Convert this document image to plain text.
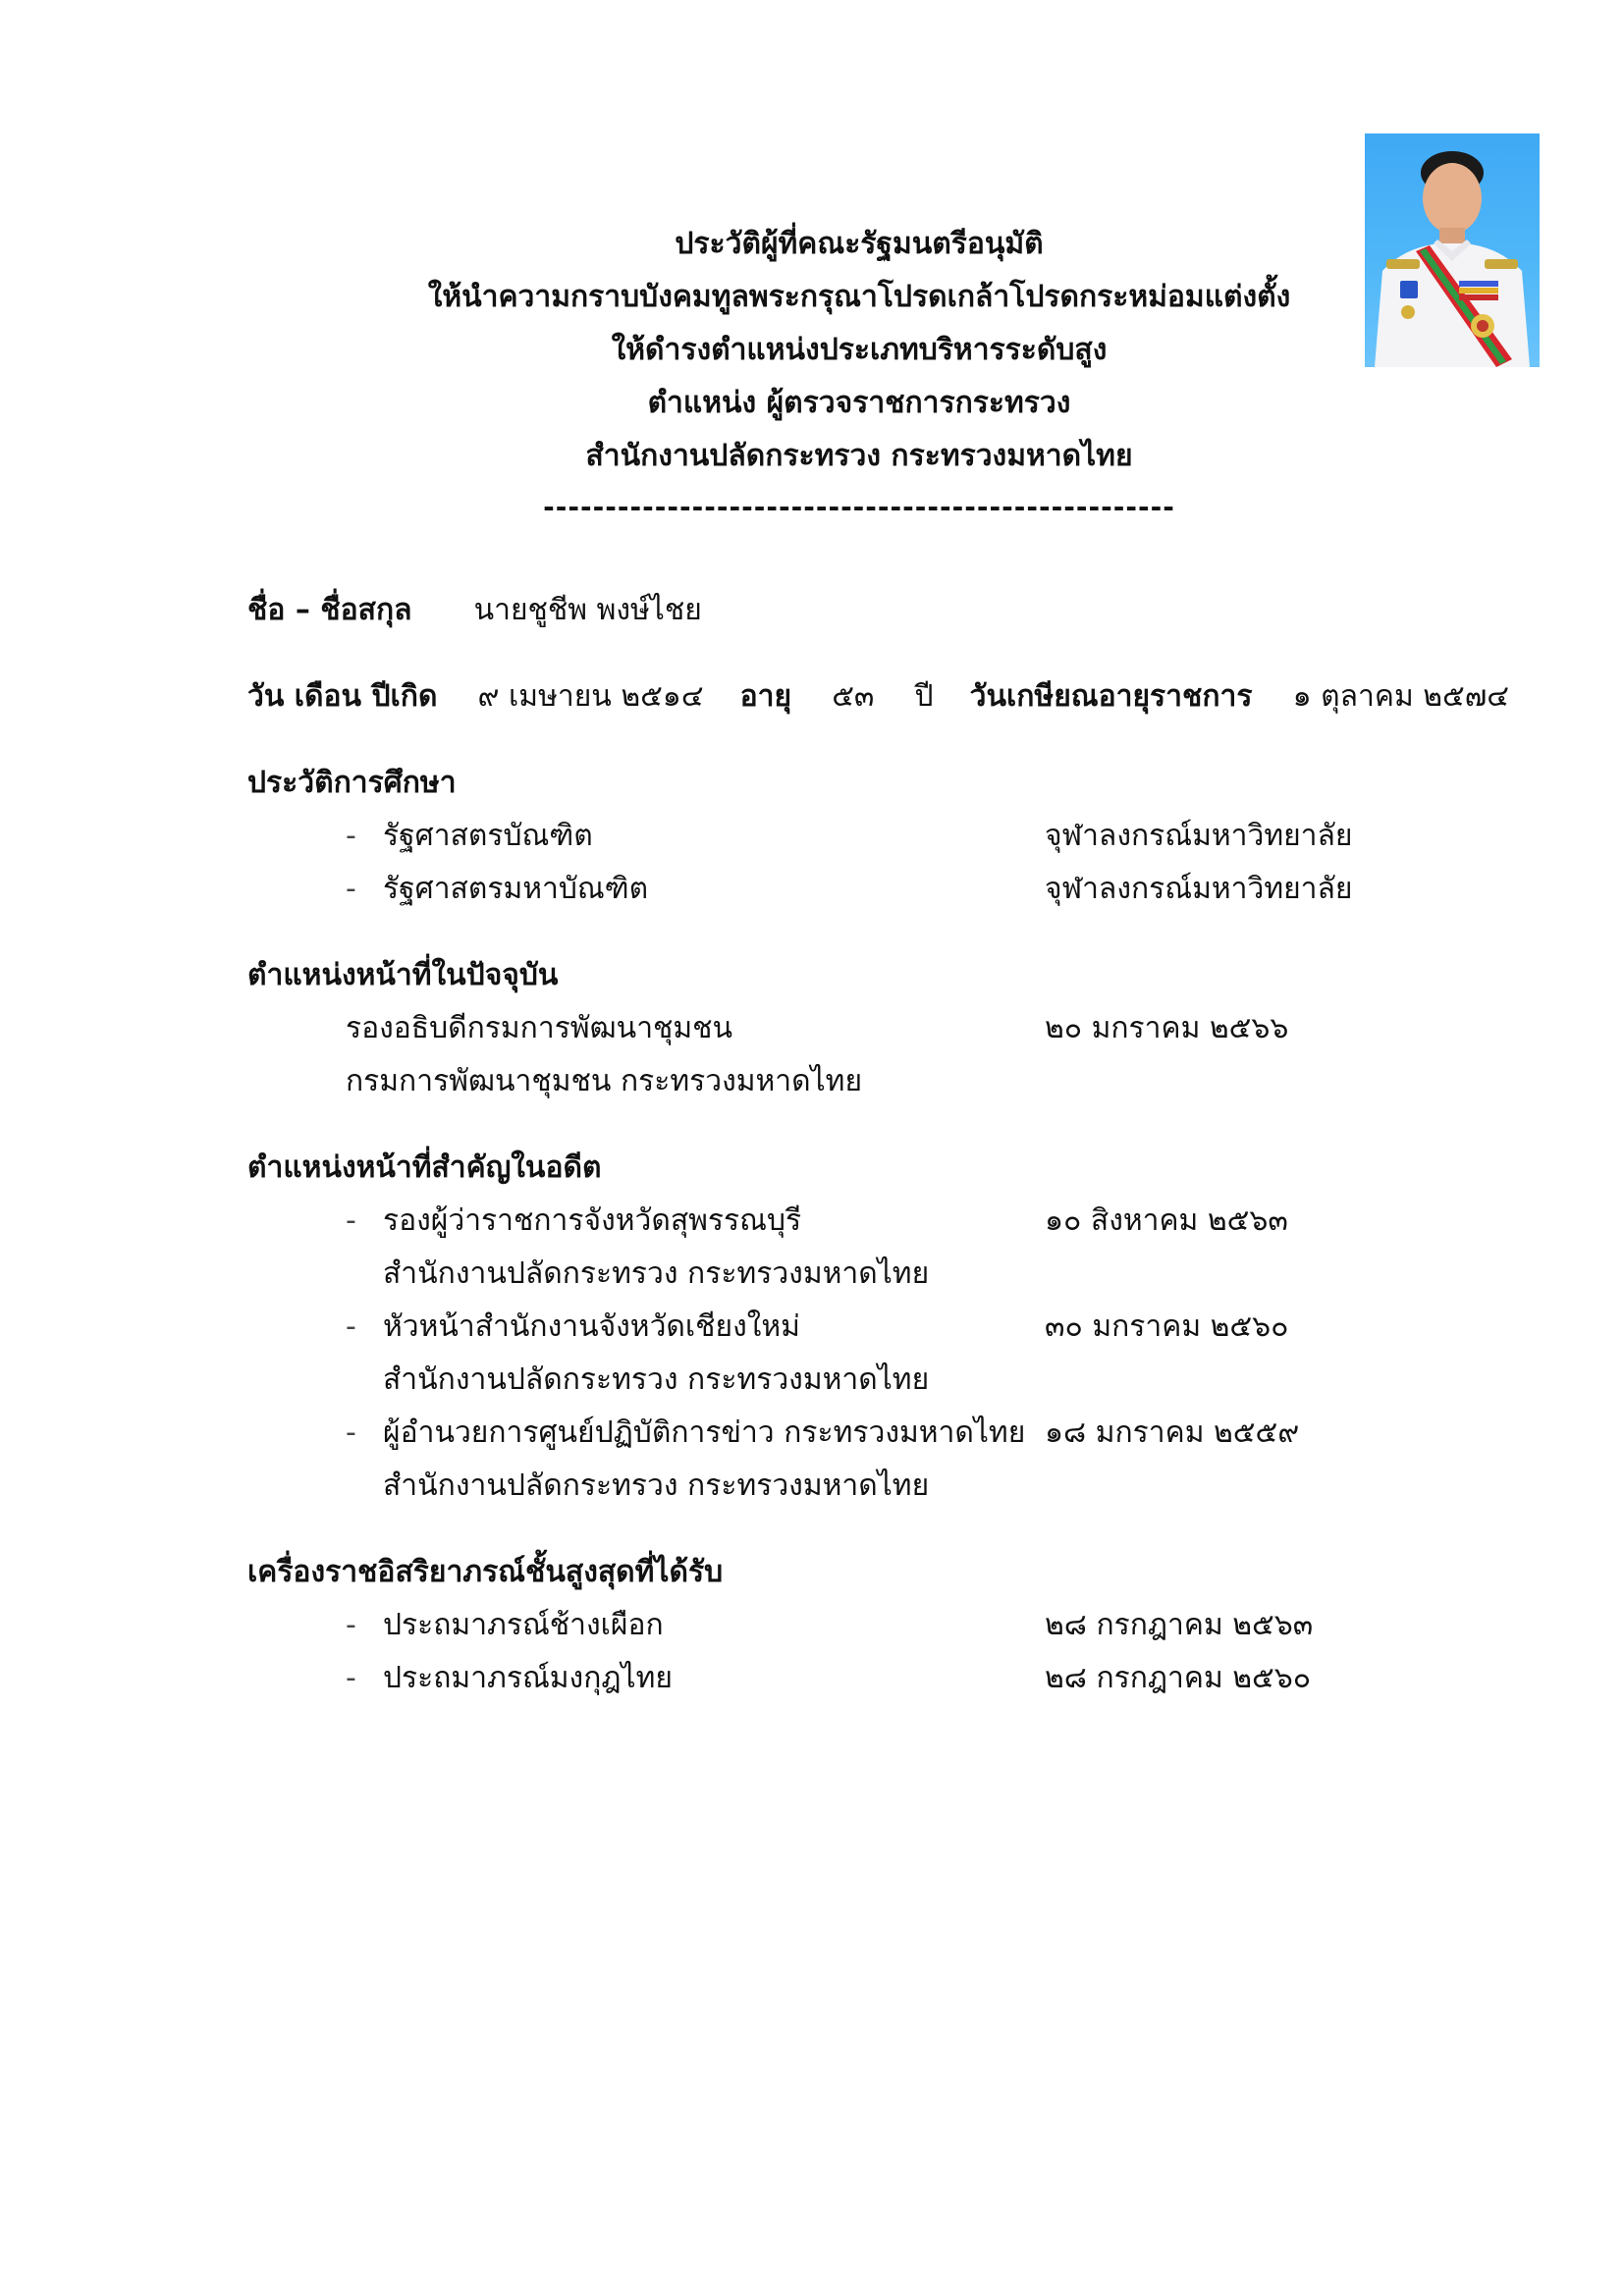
ประวัติผู้ที่คณะรัฐมนตรีอนุมัติ
ให้นำความกราบบังคมทูลพระกรุณาโปรดเกล้าโปรดกระหม่อมแต่งตั้ง
ให้ดำรงตำแหน่งประเภทบริหารระดับสูง
ตำแหน่ง ผู้ตรวจราชการกระทรวง
สำนักงานปลัดกระทรวง กระทรวงมหาดไทย
---------------------------------------------------
ชื่อ – ชื่อสกุล นายชูชีพ พงษ์ไชย
วัน เดือน ปีเกิด ๙ เมษายน ๒๕๑๔ อายุ ๕๓ ปี วันเกษียณอายุราชการ ๑ ตุลาคม ๒๕๗๔
ประวัติการศึกษา
- รัฐศาสตรบัณฑิต	จุฬาลงกรณ์มหาวิทยาลัย
- รัฐศาสตรมหาบัณฑิต	จุฬาลงกรณ์มหาวิทยาลัย
ตำแหน่งหน้าที่ในปัจจุบัน
รองอธิบดีกรมการพัฒนาชุมชน	๒๐ มกราคม ๒๕๖๖
กรมการพัฒนาชุมชน กระทรวงมหาดไทย
ตำแหน่งหน้าที่สำคัญในอดีต
- รองผู้ว่าราชการจังหวัดสุพรรณบุรี	๑๐ สิงหาคม ๒๕๖๓
สำนักงานปลัดกระทรวง กระทรวงมหาดไทย
- หัวหน้าสำนักงานจังหวัดเชียงใหม่	๓๐ มกราคม ๒๕๖๐
สำนักงานปลัดกระทรวง กระทรวงมหาดไทย
- ผู้อำนวยการศูนย์ปฏิบัติการข่าว กระทรวงมหาดไทย ๑๘ มกราคม ๒๕๕๙
สำนักงานปลัดกระทรวง กระทรวงมหาดไทย
เครื่องราชอิสริยาภรณ์ชั้นสูงสุดที่ได้รับ
- ประถมาภรณ์ช้างเผือก	๒๘ กรกฎาคม ๒๕๖๓
- ประถมาภรณ์มงกุฎไทย	๒๘ กรกฎาคม ๒๕๖๐
